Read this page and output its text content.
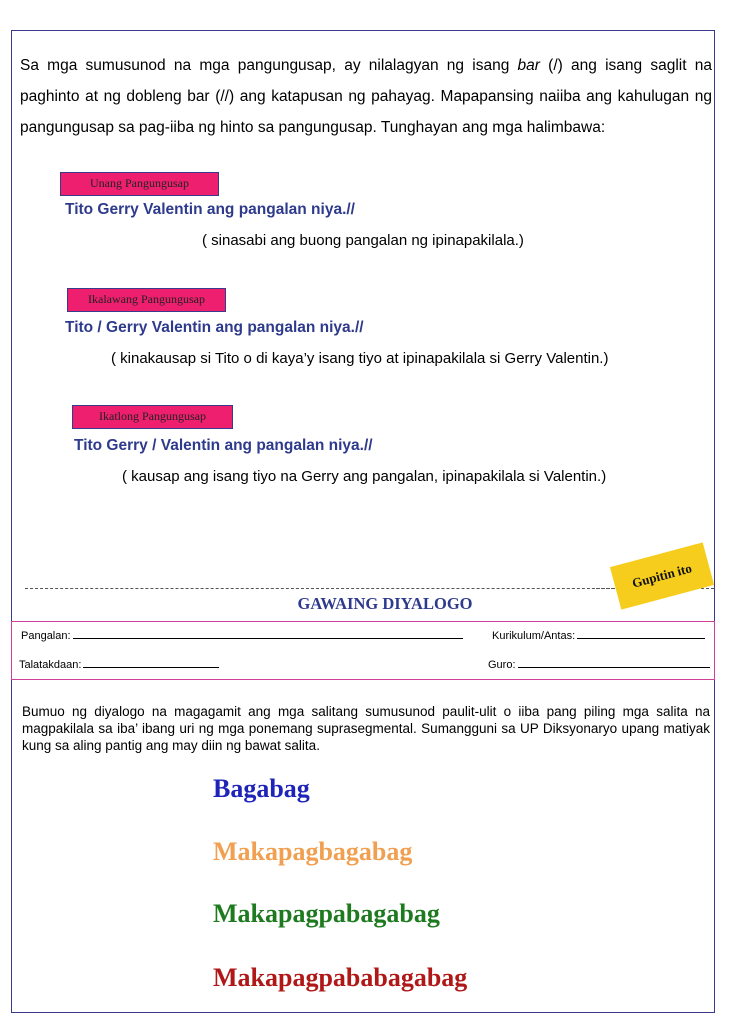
Sa mga sumusunod na mga pangungusap, ay nilalagyan ng isang bar (/) ang isang saglit na paghinto at ng dobleng bar (//) ang katapusan ng pahayag. Mapapansing naiiba ang kahulugan ng pangungusap sa pag-iiba ng hinto sa pangungusap. Tunghayan ang mga halimbawa:

Unang Pangungusap
Tito Gerry Valentin ang pangalan niya.//
( sinasabi ang buong pangalan ng ipinapakilala.)
Ikalawang Pangungusap
Tito / Gerry Valentin ang pangalan niya.//
( kinakausap si Tito o di kaya’y isang tiyo at ipinapakilala si Gerry Valentin.)
Ikatlong Pangungusap
Tito Gerry / Valentin ang pangalan niya.//
( kausap ang isang tiyo na Gerry ang pangalan, ipinapakilala si Valentin.)
Gupitin ito
GAWAING DIYALOGO
Pangalan:	Kurikulum/Antas:
Talatakdaan:	Guro:

Bumuo ng diyalogo na magagamit ang mga salitang sumusunod paulit-ulit o iiba pang piling mga salita na magpakilala sa iba’ ibang uri ng mga ponemang suprasegmental. Sumangguni sa UP Diksyonaryo upang matiyak kung sa aling pantig ang may diin ng bawat salita.

Bagabag
Makapagbagabag
Makapagpabagabag
Makapagpababagabag
